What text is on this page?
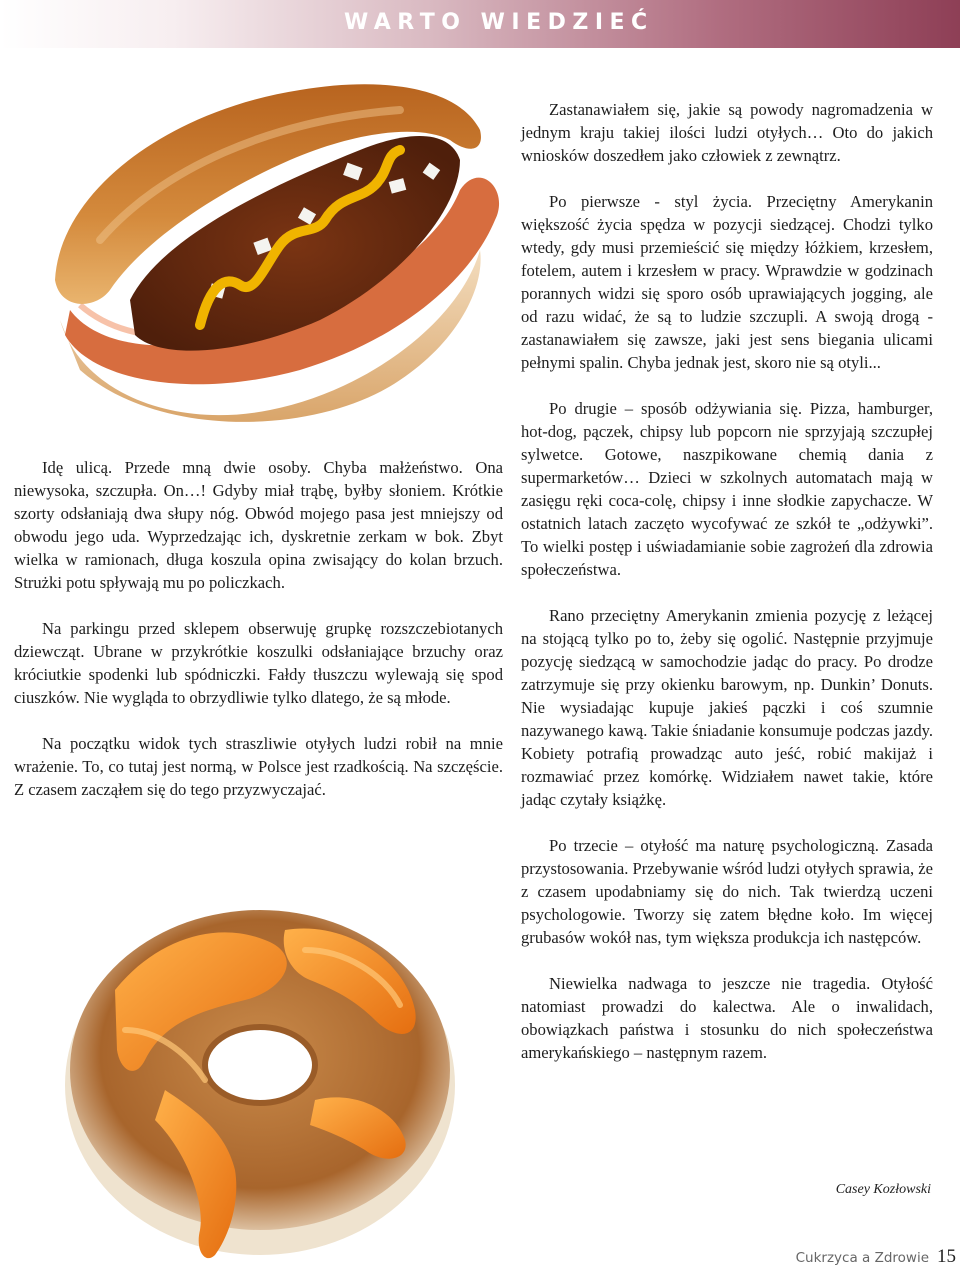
WARTO WIEDZIEĆ

Zastanawiałem się, jakie są powody nagromadzenia w jednym kraju takiej ilości ludzi otyłych… Oto do jakich wniosków doszedłem jako człowiek z zewnątrz.

Po pierwsze - styl życia. Przeciętny Amerykanin większość życia spędza w pozycji siedzącej. Chodzi tylko wtedy, gdy musi przemieścić się między łóżkiem, krzesłem, fotelem, autem i krzesłem w pracy. Wprawdzie w godzinach porannych widzi się sporo osób uprawiających jogging, ale od razu widać, że są to ludzie szczupli. A swoją drogą - zastanawiałem się zawsze, jaki jest sens biegania ulicami pełnymi spalin. Chyba jednak jest, skoro nie są otyli...

Po drugie – sposób odżywiania się. Pizza, hamburger, hot-dog, pączek, chipsy lub popcorn nie sprzyjają szczupłej sylwetce. Gotowe, naszpikowane chemią dania z supermarketów… Dzieci w szkolnych automatach mają w zasięgu ręki coca-colę, chipsy i inne słodkie zapychacze. W ostatnich latach zaczęto wycofywać ze szkół te „odżywki”. To wielki postęp i uświadamianie sobie zagrożeń dla zdrowia społeczeństwa.

Rano przeciętny Amerykanin zmienia pozycję z leżącej na stojącą tylko po to, żeby się ogolić. Następnie przyjmuje pozycję siedzącą w samochodzie jadąc do pracy. Po drodze zatrzymuje się przy okienku barowym, np. Dunkin’ Donuts. Nie wysiadając kupuje jakieś pączki i coś szumnie nazywanego kawą. Takie śniadanie konsumuje podczas jazdy. Kobiety potrafią prowadząc auto jeść, robić makijaż i rozmawiać przez komórkę. Widziałem nawet takie, które jadąc czytały książkę.

Po trzecie – otyłość ma naturę psychologiczną. Zasada przystosowania. Przebywanie wśród ludzi otyłych sprawia, że z czasem upodabniamy się do nich. Tak twierdzą uczeni psychologowie. Tworzy się zatem błędne koło. Im więcej grubasów wokół nas, tym większa produkcja ich następców.

Niewielka nadwaga to jeszcze nie tragedia. Otyłość natomiast prowadzi do kalectwa. Ale o inwalidach, obowiązkach państwa i stosunku do nich społeczeństwa amerykańskiego – następnym razem.

Idę ulicą. Przede mną dwie osoby. Chyba małżeństwo. Ona niewysoka, szczupła. On…! Gdyby miał trąbę, byłby słoniem. Krótkie szorty odsłaniają dwa słupy nóg. Obwód mojego pasa jest mniejszy od obwodu jego uda. Wyprzedzając ich, dyskretnie zerkam w bok. Zbyt wielka w ramionach, długa koszula opina zwisający do kolan brzuch. Strużki potu spływają mu po policzkach.

Na parkingu przed sklepem obserwuję grupkę rozszczebiotanych dziewcząt. Ubrane w przykrótkie koszulki odsłaniające brzuchy oraz króciutkie spodenki lub spódniczki. Fałdy tłuszczu wylewają się spod ciuszków. Nie wygląda to obrzydliwie tylko dlatego, że są młode.

Na początku widok tych straszliwie otyłych ludzi robił na mnie wrażenie. To, co tutaj jest normą, w Polsce jest rzadkością. Na szczęście. Z czasem zacząłem się do tego przyzwyczajać.

Casey Kozłowski
Cukrzyca a Zdrowie 15
